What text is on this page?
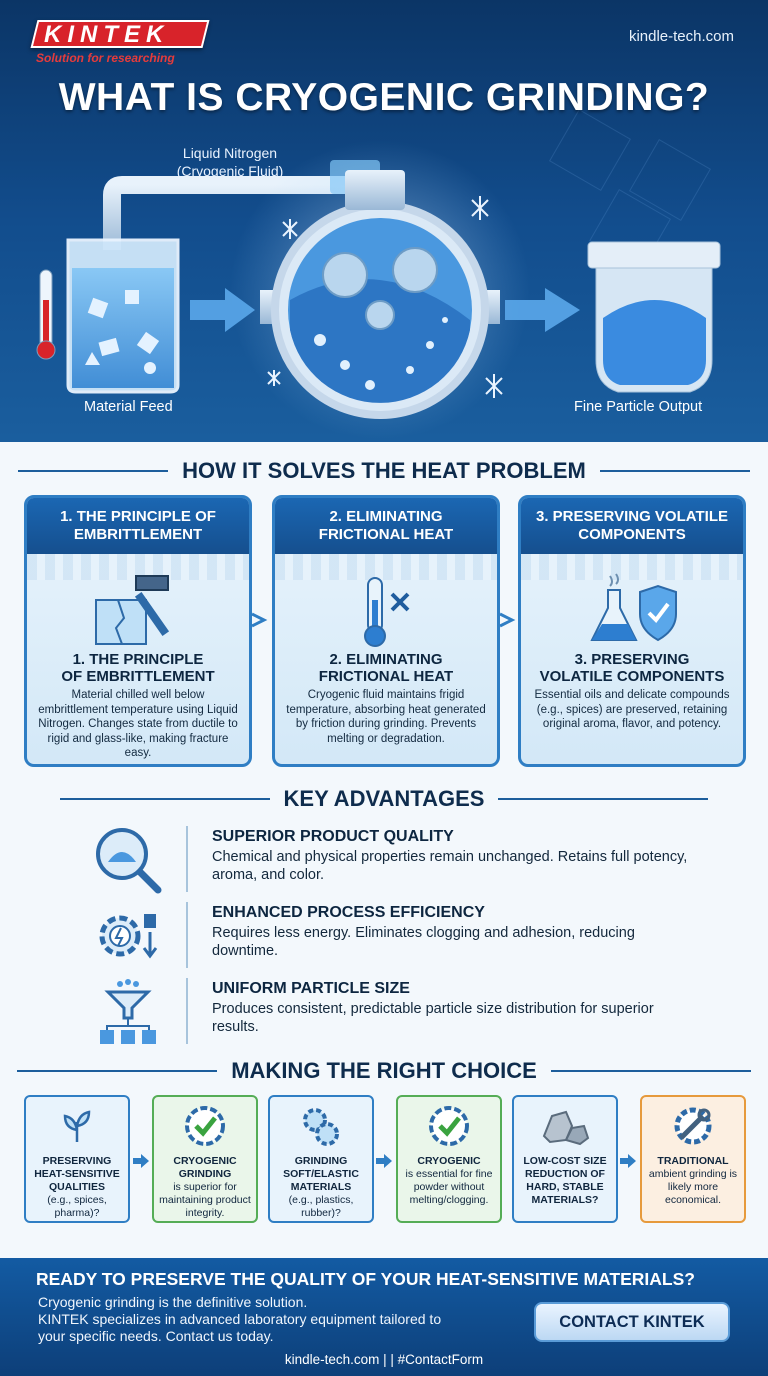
KINTEK
Solution for researching
kindle-tech.com
WHAT IS CRYOGENIC GRINDING?
Liquid Nitrogen
(Cryogenic Fluid)
Material Feed	Fine Particle Output
HOW IT SOLVES THE HEAT PROBLEM
1. THE PRINCIPLE OF
EMBRITTLEMENT
1. THE PRINCIPLE
OF EMBRITTLEMENT
Material chilled well below embrittlement temperature using Liquid Nitrogen. Changes state from ductile to rigid and glass-like, making fracture easy.
2. ELIMINATING
FRICTIONAL HEAT
2. ELIMINATING
FRICTIONAL HEAT
Cryogenic fluid maintains frigid temperature, absorbing heat generated by friction during grinding. Prevents melting or degradation.
3. PRESERVING VOLATILE
COMPONENTS
3. PRESERVING
VOLATILE COMPONENTS
Essential oils and delicate compounds (e.g., spices) are preserved, retaining original aroma, flavor, and potency.
KEY ADVANTAGES
SUPERIOR PRODUCT QUALITY
Chemical and physical properties remain unchanged. Retains full potency, aroma, and color.
ENHANCED PROCESS EFFICIENCY
Requires less energy. Eliminates clogging and adhesion, reducing downtime.
UNIFORM PARTICLE SIZE
Produces consistent, predictable particle size distribution for superior results.
MAKING THE RIGHT CHOICE
PRESERVING HEAT-SENSITIVE QUALITIES
(e.g., spices, pharma)?
CRYOGENIC GRINDING
is superior for maintaining product integrity.
GRINDING SOFT/ELASTIC MATERIALS
(e.g., plastics, rubber)?
CRYOGENIC
is essential for fine powder without melting/clogging.
LOW-COST SIZE REDUCTION OF HARD, STABLE MATERIALS?
TRADITIONAL
ambient grinding is likely more economical.
READY TO PRESERVE THE QUALITY OF YOUR HEAT-SENSITIVE MATERIALS?
Cryogenic grinding is the definitive solution.
KINTEK specializes in advanced laboratory equipment tailored to your specific needs. Contact us today.
CONTACT KINTEK
kindle-tech.com | | #ContactForm
